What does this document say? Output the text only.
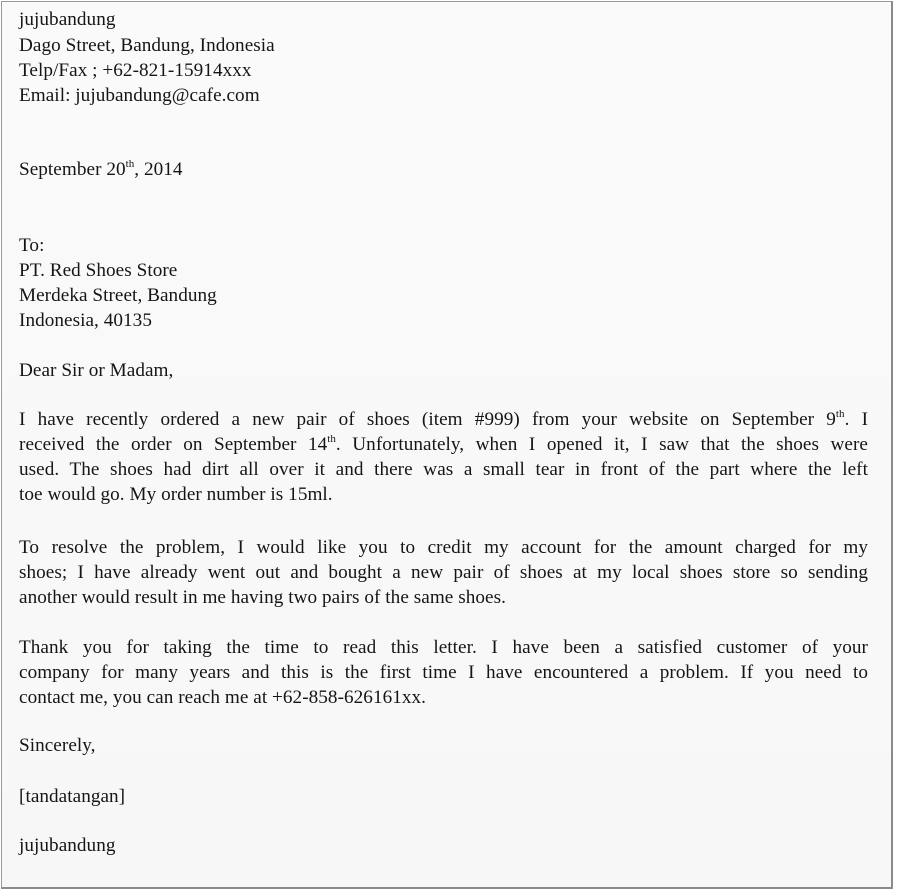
jujubandung
Dago Street, Bandung, Indonesia
Telp/Fax ; +62-821-15914xxx
Email: jujubandung@cafe.com
September 20th, 2014
To:
PT. Red Shoes Store
Merdeka Street, Bandung
Indonesia, 40135
Dear Sir or Madam,
I have recently ordered a new pair of shoes (item #999) from your website on September 9th. I
received the order on September 14th. Unfortunately, when I opened it, I saw that the shoes were
used. The shoes had dirt all over it and there was a small tear in front of the part where the left
toe would go. My order number is 15ml.
To resolve the problem, I would like you to credit my account for the amount charged for my
shoes; I have already went out and bought a new pair of shoes at my local shoes store so sending
another would result in me having two pairs of the same shoes.
Thank you for taking the time to read this letter. I have been a satisfied customer of your
company for many years and this is the first time I have encountered a problem. If you need to
contact me, you can reach me at +62-858-626161xx.
Sincerely,
[tandatangan]
jujubandung
